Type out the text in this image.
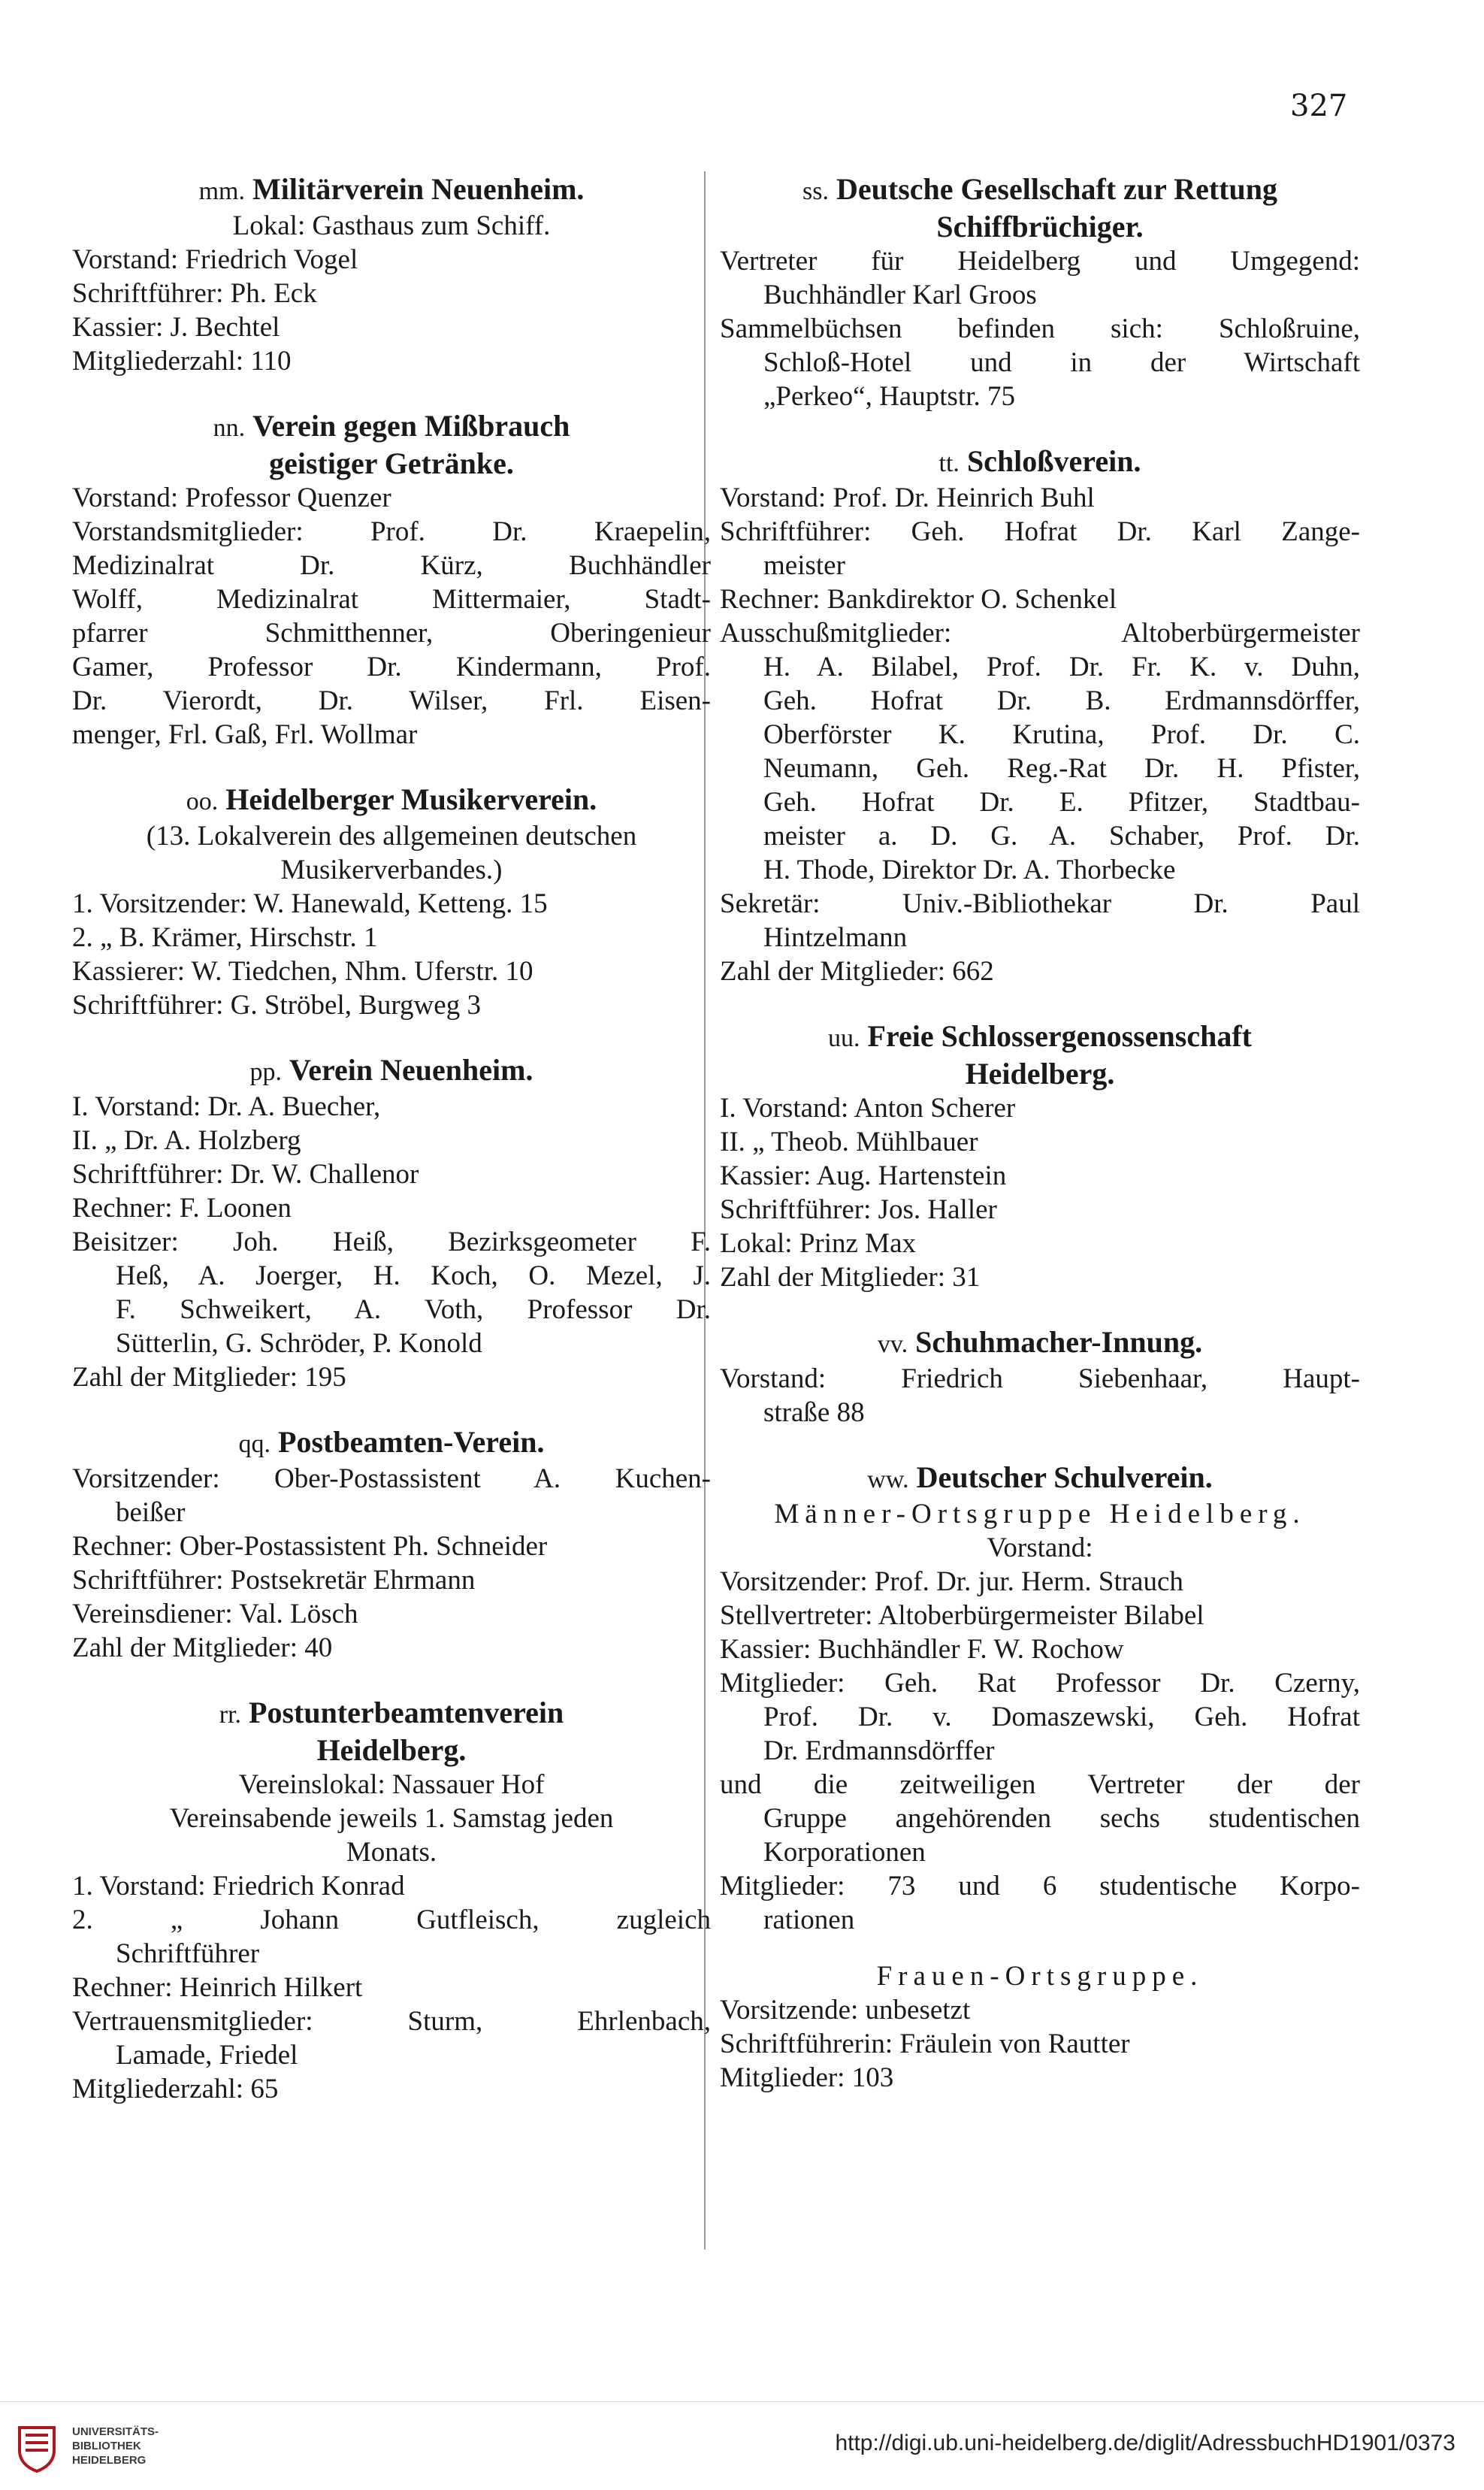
327
mm. Militärverein Neuenheim.
Lokal: Gasthaus zum Schiff.
Vorstand: Friedrich Vogel
Schriftführer: Ph. Eck
Kassier: J. Bechtel
Mitgliederzahl: 110
nn. Verein gegen Mißbrauch
geistiger Getränke.
Vorstand: Professor Quenzer
Vorstandsmitglieder: Prof. Dr. Kraepelin,
Medizinalrat Dr. Kürz, Buchhändler
Wolff, Medizinalrat Mittermaier, Stadt-
pfarrer Schmitthenner, Oberingenieur
Gamer, Professor Dr. Kindermann, Prof.
Dr. Vierordt, Dr. Wilser, Frl. Eisen-
menger, Frl. Gaß, Frl. Wollmar
oo. Heidelberger Musikerverein.
(13. Lokalverein des allgemeinen deutschen
Musikerverbandes.)
1. Vorsitzender: W. Hanewald, Ketteng. 15
2. „ B. Krämer, Hirschstr. 1
Kassierer: W. Tiedchen, Nhm. Uferstr. 10
Schriftführer: G. Ströbel, Burgweg 3
pp. Verein Neuenheim.
I. Vorstand: Dr. A. Buecher,
II. „ Dr. A. Holzberg
Schriftführer: Dr. W. Challenor
Rechner: F. Loonen
Beisitzer: Joh. Heiß, Bezirksgeometer F.
Heß, A. Joerger, H. Koch, O. Mezel, J.
F. Schweikert, A. Voth, Professor Dr.
Sütterlin, G. Schröder, P. Konold
Zahl der Mitglieder: 195
qq. Postbeamten-Verein.
Vorsitzender: Ober-Postassistent A. Kuchen-
beißer
Rechner: Ober-Postassistent Ph. Schneider
Schriftführer: Postsekretär Ehrmann
Vereinsdiener: Val. Lösch
Zahl der Mitglieder: 40
rr. Postunterbeamtenverein
Heidelberg.
Vereinslokal: Nassauer Hof
Vereinsabende jeweils 1. Samstag jeden
Monats.
1. Vorstand: Friedrich Konrad
2. „ Johann Gutfleisch, zugleich
Schriftführer
Rechner: Heinrich Hilkert
Vertrauensmitglieder: Sturm, Ehrlenbach,
Lamade, Friedel
Mitgliederzahl: 65
ss. Deutsche Gesellschaft zur Rettung
Schiffbrüchiger.
Vertreter für Heidelberg und Umgegend:
Buchhändler Karl Groos
Sammelbüchsen befinden sich: Schloßruine,
Schloß-Hotel und in der Wirtschaft
„Perkeo“, Hauptstr. 75
tt. Schloßverein.
Vorstand: Prof. Dr. Heinrich Buhl
Schriftführer: Geh. Hofrat Dr. Karl Zange-
meister
Rechner: Bankdirektor O. Schenkel
Ausschußmitglieder: Altoberbürgermeister
H. A. Bilabel, Prof. Dr. Fr. K. v. Duhn,
Geh. Hofrat Dr. B. Erdmannsdörffer,
Oberförster K. Krutina, Prof. Dr. C.
Neumann, Geh. Reg.-Rat Dr. H. Pfister,
Geh. Hofrat Dr. E. Pfitzer, Stadtbau-
meister a. D. G. A. Schaber, Prof. Dr.
H. Thode, Direktor Dr. A. Thorbecke
Sekretär: Univ.-Bibliothekar Dr. Paul
Hintzelmann
Zahl der Mitglieder: 662
uu. Freie Schlossergenossenschaft
Heidelberg.
I. Vorstand: Anton Scherer
II. „ Theob. Mühlbauer
Kassier: Aug. Hartenstein
Schriftführer: Jos. Haller
Lokal: Prinz Max
Zahl der Mitglieder: 31
vv. Schuhmacher-Innung.
Vorstand: Friedrich Siebenhaar, Haupt-
straße 88
ww. Deutscher Schulverein.
Männer-Ortsgruppe Heidelberg.
Vorstand:
Vorsitzender: Prof. Dr. jur. Herm. Strauch
Stellvertreter: Altoberbürgermeister Bilabel
Kassier: Buchhändler F. W. Rochow
Mitglieder: Geh. Rat Professor Dr. Czerny,
Prof. Dr. v. Domaszewski, Geh. Hofrat
Dr. Erdmannsdörffer
und die zeitweiligen Vertreter der der
Gruppe angehörenden sechs studentischen
Korporationen
Mitglieder: 73 und 6 studentische Korpo-
rationen
Frauen-Ortsgruppe.
Vorsitzende: unbesetzt
Schriftführerin: Fräulein von Rautter
Mitglieder: 103
UNIVERSITÄTS-
BIBLIOTHEK
HEIDELBERG
http://digi.ub.uni-heidelberg.de/diglit/AdressbuchHD1901/0373
